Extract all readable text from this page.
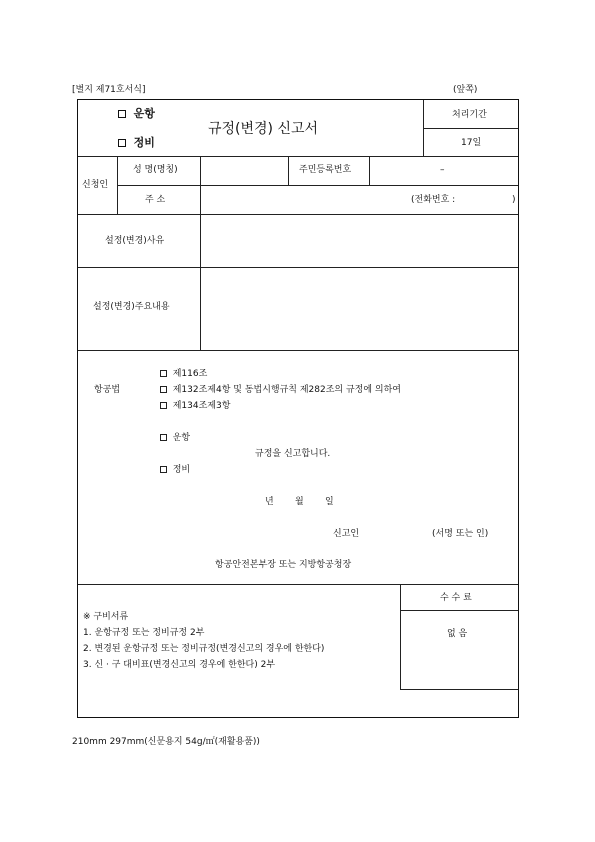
[별지 제71호서식]	(앞쪽)
운항
정비
규정(변경) 신고서
처리기간
17일
신청인
성 명(명칭)	주민등록번호	–
주 소	(전화번호 :	)
설정(변경)사유
설정(변경)주요내용
항공법
제116조
제132조제4항 및 동법시행규칙 제282조의 규정에 의하여
제134조제3항
운항
규정을 신고합니다.
정비
년 월 일
신고인	(서명 또는 인)
항공안전본부장 또는 지방항공청장
수 수 료
없 음
※ 구비서류
1. 운항규정 또는 정비규정 2부
2. 변경된 운항규정 또는 정비규정(변경신고의 경우에 한한다)
3. 신 · 구 대비표(변경신고의 경우에 한한다) 2부
210mm 297mm(신문용지 54g/㎡(재활용품))
